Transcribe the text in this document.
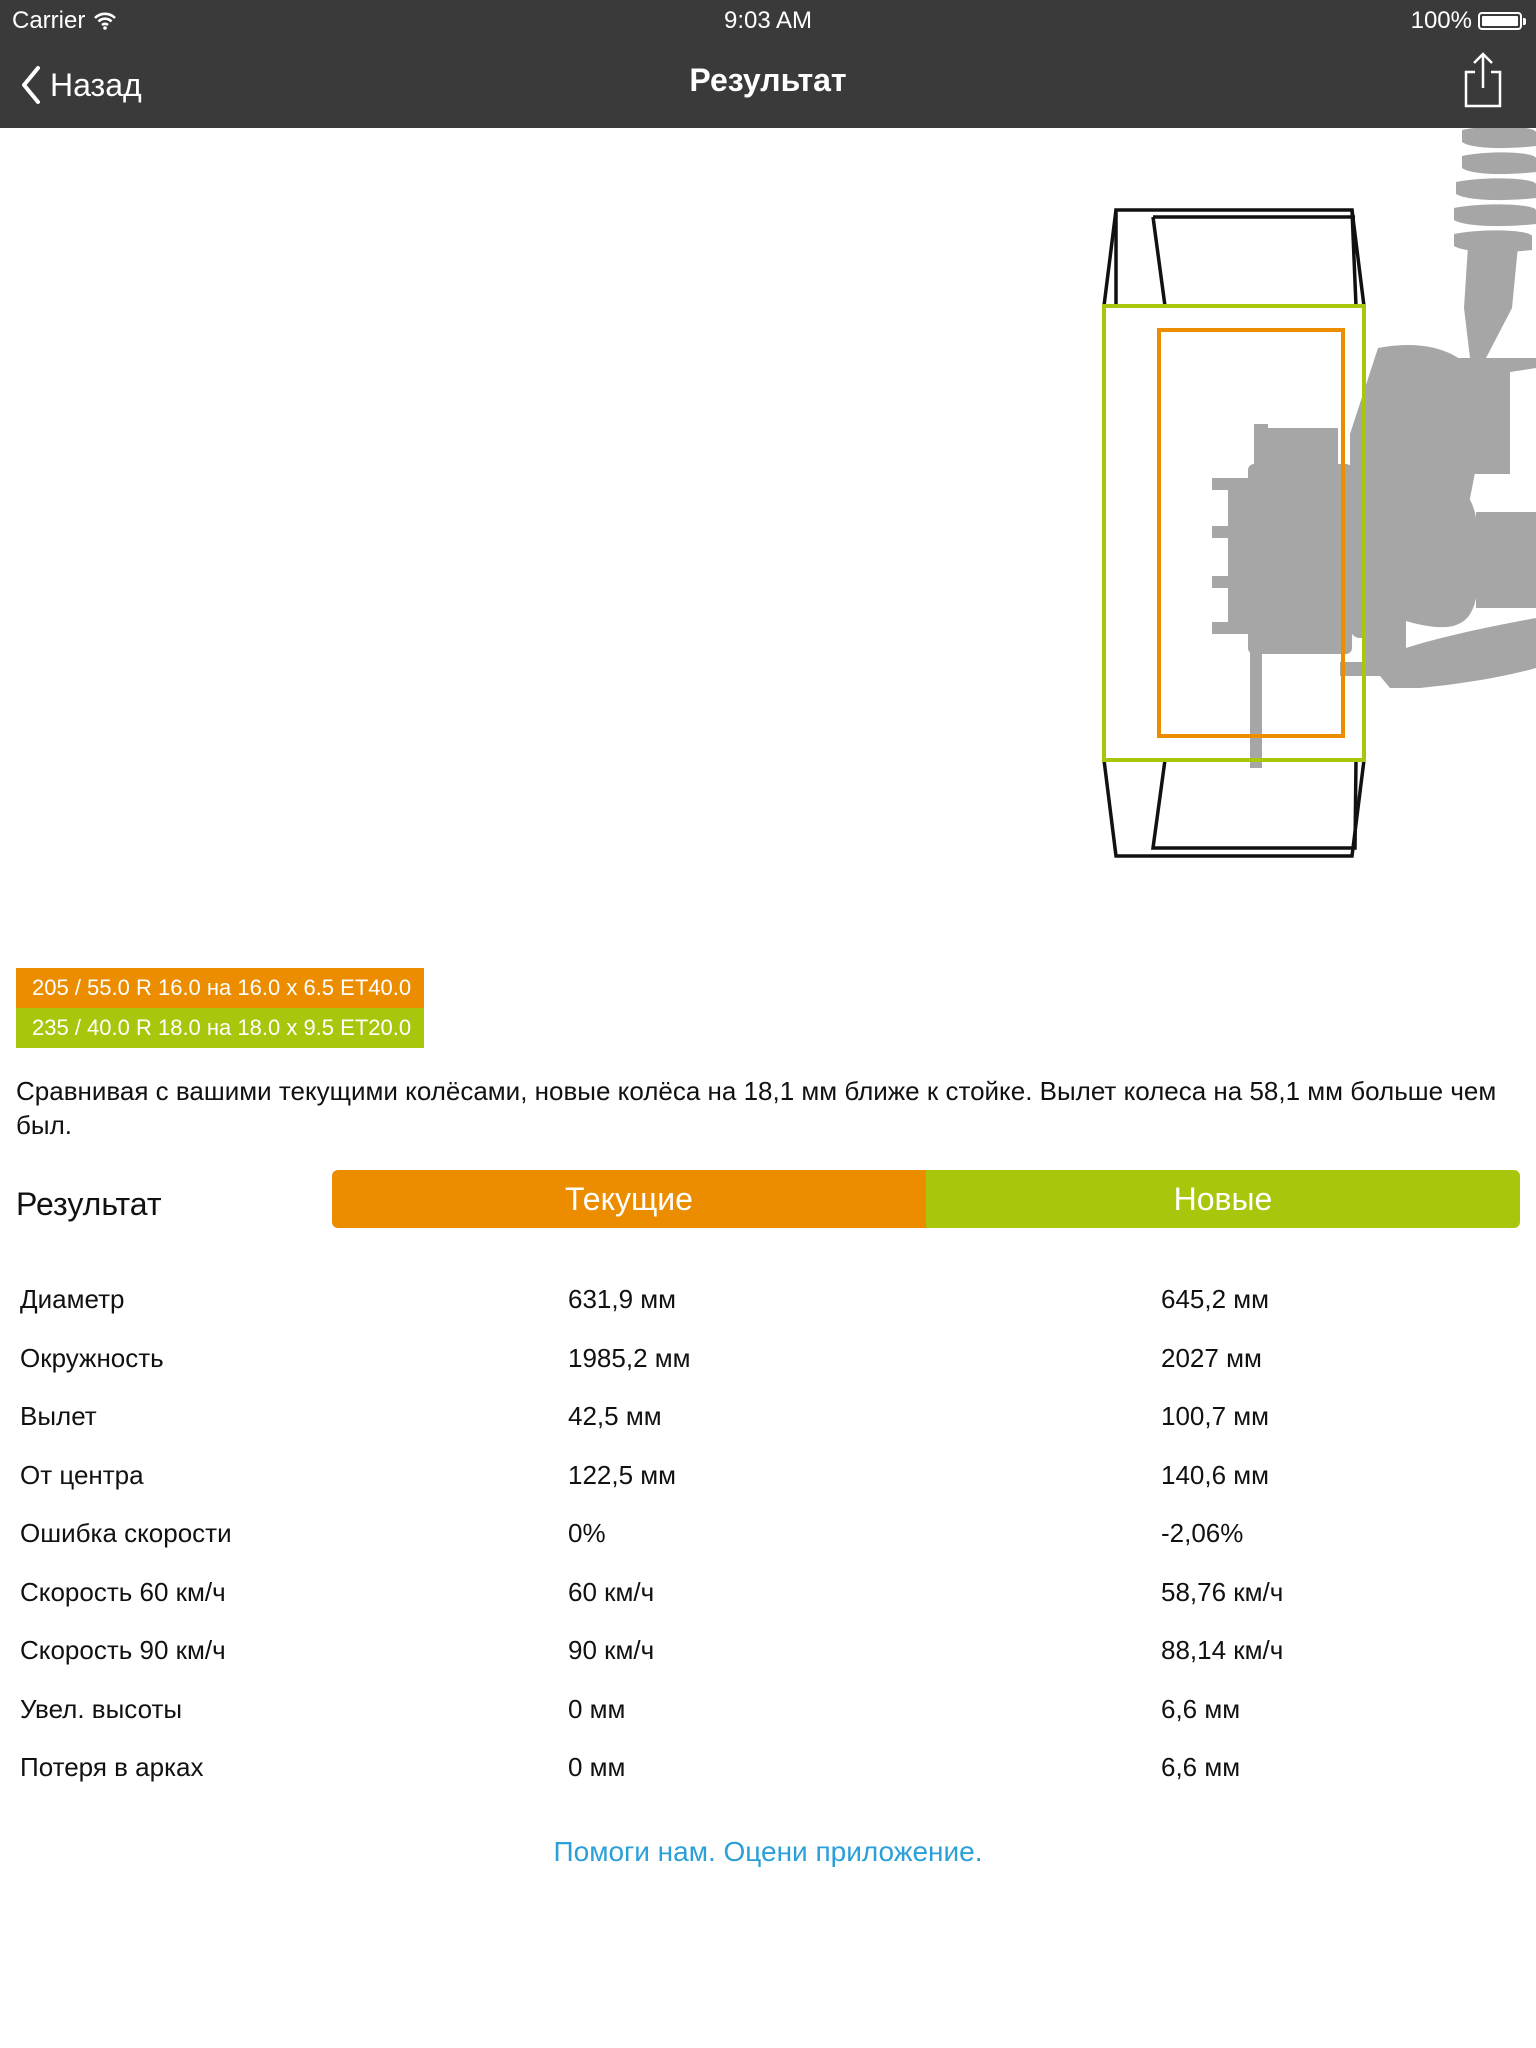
Carrier	9:03 AM	100%
Назад	Результат
205 / 55.0 R 16.0 на 16.0 x 6.5 ET40.0
235 / 40.0 R 18.0 на 18.0 x 9.5 ET20.0
Сравнивая с вашими текущими колёсами, новые колёса на 18,1 мм ближе к стойке. Вылет колеса на 58,1 мм больше чем был.
Результат	Текущие	Новые
Диаметр	631,9 мм	645,2 мм
Окружность	1985,2 мм	2027 мм
Вылет	42,5 мм	100,7 мм
От центра	122,5 мм	140,6 мм
Ошибка скорости	0%	-2,06%
Скорость 60 км/ч	60 км/ч	58,76 км/ч
Скорость 90 км/ч	90 км/ч	88,14 км/ч
Увел. высоты	0 мм	6,6 мм
Потеря в арках	0 мм	6,6 мм
Помоги нам. Оцени приложение.
